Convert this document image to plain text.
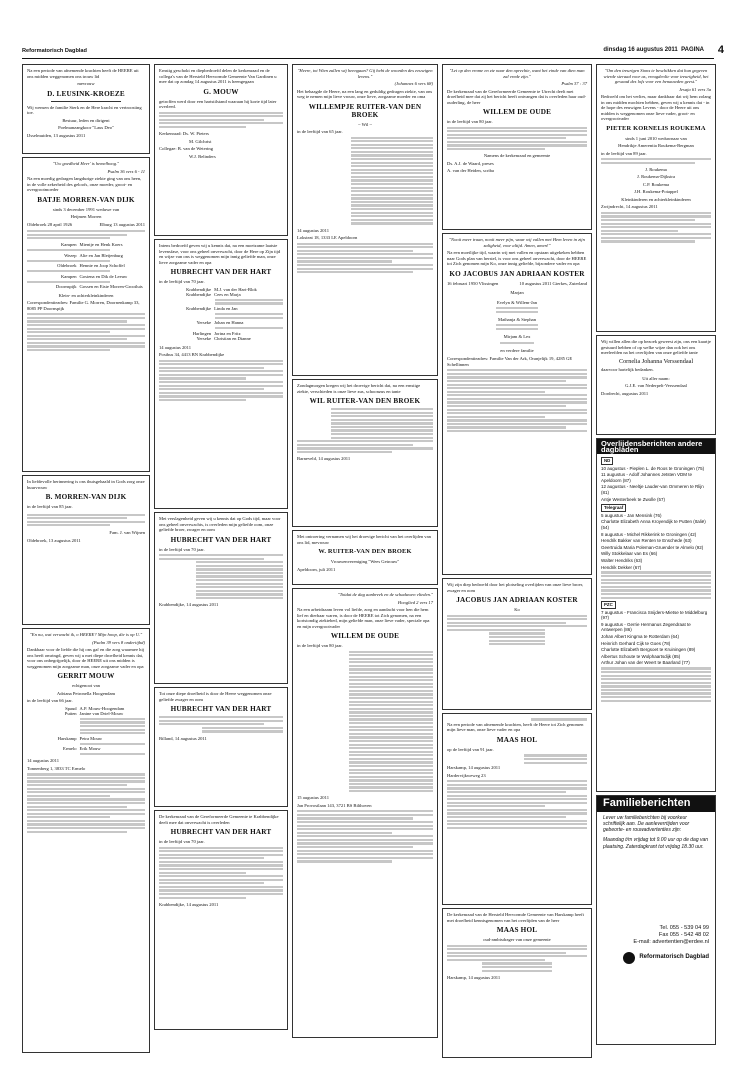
Reformatorisch Dagblad	dinsdag 16 augustus 2011 PAGINA 4

Na een periode van afnemende krachten heeft de HEERE uit ons midden weggenomen ons trouw lid

mevrouw

D. LEUSINK-KROEZE

Wij wensen de familie Sterk en de Here kracht en vertroosting toe.

Bestuur, leden en dirigent

Poelmanzangkoor "Laus Deo"

IJsselmuiden, 13 augustus 2011

"Uw goedheid Heer' is hemelhoog."

Psalm 36 vers 6 - 11

Na een moedig gedragen langdurige ziekte ging van ons heen, in de volle zekerheid des geloofs, onze moeder, groot- en overgrootmoeder

BATJE MORREN-VAN DIJK

sinds 3 december 1991 weduwe van

Heijmen Morren

Oldebroek 28 april 1926	Elburg 13 augustus 2011
Kampen Mientje en Henk Koers
Wezep Alie en Jan Bleijenburg
Oldebroek Hennie en Joop Schoffel
Kampen Gosiena en Dik de Leeuw
Doornspijk Gossen en Eiste Morren-Grootluis

Klein- en achterkleinkinderen

Correspondentieadres: Familie G. Morren, Doornenkamp 33, 8085 PP Doornspijk

In liefdevolle herinnering is ons thuisgehaald in Gods zorg onze buurvrouw

B. MORREN-VAN DIJK

in de leeftijd van 85 jaar.

Fam. J. van Wijnen

Oldebroek, 13 augustus 2011

"En nu, wat verwacht ik, o HEERE? Mijn hoop, die is op U."

(Psalm 39 vers 8 ondertijhd)

Dankbaar voor de liefde die hij ons gaf en die zorg waarmee hij ons heeft omringd, geven wij u met diepe droefheid kennis dat, voor ons onbegrijpelijk, door de HEERE uit ons midden is weggenomen mijn zorgzame man, onze zorgzame vader en opa

GERRIT MOUW

echtgenoot van

Adriana Petronella Hoogendam

in de leeftijd van 66 jaar.

Spaud A.P. Mouw-Hoogendam
Putten Janine van Driel-Mouw
Harskamp Petra Mouw
Ermelo Erik Mouw

14 augustus 2011

Tonnenberg 1, 3833 TC Ermelo

Ernstig geschokt en diepbedroefd delen de kerkenraad en de collega's van de Hersteld Hervormde Gemeente Van Gardinen u mee dat op zondag 14 augustus 2011 is heengegaan

G. MOUW

getroffen werd door een hartstilstand waaraan hij korte tijd later overleed.

Kerkenraad: Ds. W. Pieters

M. Gilchrist

Collegae: B. van de Wetering

W.J. Belinders

Intens bedroefd geven wij u kennis dat, na een moeizame laatste levensfase, voor ons geheel onverwacht, door de Here op Zijn tijd en wijze van ons is weggenomen mijn innig geliefde man, onze lieve zorgzame vader en opa

HUBRECHT VAN DER HART

in de leeftijd van 70 jaar.

Krabbendijke M.J. van der Hart-Blok
Krabbendijke Cees en Marja
Krabbendijke Linda en Jan
Yerseke Johan en Hanna
Harlingen Jorina en Fritz
Yerseke Christian en Dianne

14 augustus 2011

Postbus 34, 4413 BN Krabbendijke

Met verslagenheid geven wij u kennis dat op Gods tijd, maar voor ons geheel onverwachts, is overleden mijn geliefde oom, onze geliefde broer, zwager en oom

HUBRECHT VAN DER HART

in de leeftijd van 70 jaar.

Krabbendijke, 14 augustus 2011

Tot onze diepe droefheid is door de Heere weggenomen onze geliefde zwager en oom

HUBRECHT VAN DER HART

Billand, 14 augustus 2011

De kerkenraad van de Gereformeerde Gemeente te Krabbendijke deelt mee dat onverwacht is overleden

HUBRECHT VAN DER HART

in de leeftijd van 70 jaar.

Krabbendijke, 14 augustus 2011

"Heere, tot Wien zullen wij heengaan? Gij hebt de woorden des eeuwigen levens."

(Johannes 6 vers 68)

Het behaagde de Heere, na een lang en geduldig gedragen ziekte, van ons weg te nemen mijn lieve vrouw, onze lieve, zorgzame moeder en oma

WILLEMPJE RUITER-VAN DEN BROEK

~ Wil ~

in de leeftijd van 65 jaar.

14 augustus 2011

Loksteat 18, 1333 LE Apeldoorn

Zondagmorgen kregen wij het droevige bericht dat, na een ernstige ziekte, verschieden is onze lieve zus, schoonzus en tante

WIL RUITER-VAN DEN BROEK

Barneveld, 14 augustus 2011

Met ontroering vernamen wij het droevige bericht van het overlijden van ons lid, mevrouw

W. RUITER-VAN DEN BROEK

Vrouwenvereniging "Wees Getrouw"

Apeldoorn, juli 2011

"Totdat de dag aanbreek en de schaduwen vlieden."

Hooglied 2 vers 17

Na een arbeidzaam leven vol liefde, zorg en aandacht voor hen die hem lief en dierbaar waren, is door de HEERE tot Zich genomen, na een kortstondig ziektebed, mijn geliefde man, onze lieve vader, speciale opa en mijn overgrootvader

WILLEM DE OUDE

in de leeftijd van 80 jaar.

15 augustus 2011

Jan Provostlaan 143, 3721 BS Bilthoven

"Let op den vrome en zie naar den oprechte, want het einde van dien man zal vrede zijn."

Psalm 37 : 37

De kerkenraad van de Gereformeerde Gemeente te Utrecht deelt met droefheid mee dat zij het bericht heeft ontvangen dat is overleden haar oud-ouderling, de heer

WILLEM DE OUDE

in de leeftijd van 80 jaar.

Namens de kerkenraad en gemeente

Ds. A.J. de Waard, preses

A. van der Heiden, scriba

"Nooit meer traan, nooit meer pijn, waar wij vallen met Hem leven in zijn zaligheid, voor altijd. Amen, amen!"

Na een moeilijke tijd, waarin wij met vallen en opstaan uitgekeken hebben naar Gods plan van herstel, is voor ons geheel onverwacht, door de HEERE tot Zich genomen mijn Ko, onze innig geliefde, bijzondere vader en opa

KO JACOBUS JAN ADRIAAN KOSTER
16 februari 1950 Vlissingen	10 augustus 2011 Gierkes, Zuterland

Marjan

Evelyn & Willem-Jan

Mathanja & Stephan

Mirjam & Lex

en verdere familie

Correspondentieadres: Familie Van der Ark, Oranjelijk 19, 4285 GE Schellinnen

Wij zijn diep bedroefd door het plotseling overlijden van onze lieve broer, zwager en oom

JACOBUS JAN ADRIAAN KOSTER

Ko

Na een periode van afnemende krachten, heeft de Heere tot Zich genomen mijn lieve man, onze lieve vader en opa

MAAS HOL

op de leeftijd van 91 jaar.

Harskamp, 14 augustus 2011

Hardervijkweweg 23

De kerkenraad van de Hersteld Hervormde Gemeente van Harskamp heeft met droefheid kennisgenomen van het overlijden van de heer

MAAS HOL

oud-ambtsdrager van onze gemeente

Harskamp, 14 augustus 2011

"Om den treurigen Sions te beschikken dat hun gegeven wierde sieraad voor as, vreugdeolie voor treurigheid, het gewaad des lofs voor een benauwden geest."

Jesaja 61 vers 3a

Bedroefd om het verlies, maar dankbaar dat wij hem zolang in ons midden mochten hebben, geven wij u kennis dat - in de hope des eeuwigen Levens - door de Heere uit ons midden is weggenomen onze lieve vader, groot- en overgrootvader

PIETER KORNELIS ROUKEMA

sinds 1 juni 2010 weduwnaar van

Hendrikje Amerentia Roukema-Bergman

in de leeftijd van 89 jaar.

J. Roukema

J. Roukema-Dijkstra

C.P. Roukema

J.H. Roukema-Potappel

Kleinkinderen en achterkleinkinderen

Zwijndrecht, 14 augustus 2011

Wij willen allen die op bezoek geweest zijn, ons een kaartje gestuurd hebben of op welke wijze dan ook het ons meeleefden na het overlijden van onze geliefde tante

Cornelia Johanna Verssendaal

daarvoor hartelijk bedanken.

Uit aller naam:

G.J.E. van Nederpelt-Verssendaal

Dordrecht, augustus 2011

Overlijdensberichten andere dagbladen
ND

10 augustus - Pieplen L. de Roos te Groningen (75)

11 augustus - Adolf Johannes Jetsten VDM te Apeldoorn (87)

12 augustus - Neeltje Lauder-van Ommeren te Rlijn (81)

Antje Westerbeek te Zwolle (57)

Telegraaf

5 augustus - Jan Mensink (76)

Charlotte Elizabeth Anna Kroyendijk te Putten (Italië) (54)

8 augustus - Michel Rikkerink te Groningen (42)

Hendrik Bakker van Renten te Enschede (63)

Geertruida Maria Poleman-Gruender te Almelo (92)

Willy Stokkelaar van Es (66)

Walter Hendriks (63)

Hendrik Dekker (67)

PZC

7 augustus - Francisca Snijders-Mietse te Middelburg (97)

9 augustus - Gerrie Hermanus Zegendraat te Antwerpen (86)

Johan Albert Kingma te Rotterdam (64)

Heinrich Gerhard Cijk te Goes (78)

Charlotte Elizabeth Bergsoet te Kruiningen (89)

Albertus Schoute te Wolphaartsdijk (85)

Arthur Johan van der Weert te Baarland (77)

Familieberichten

Lever uw familieberichten bij voorkeur schriftelijk aan. De aanleverrtijden voor gebeorte- en rouwadvertenties zijn:

Maandag t/m vrijdag tot 9.00 uur op de dag van plaatsing. Zaterdagkrant tot vrijdag 18.30 uur.

Tel. 055 - 539 04 99
Fax 055 - 542 48 02
E-mail: advertentien@erdee.nl
Reformatorisch Dagblad
